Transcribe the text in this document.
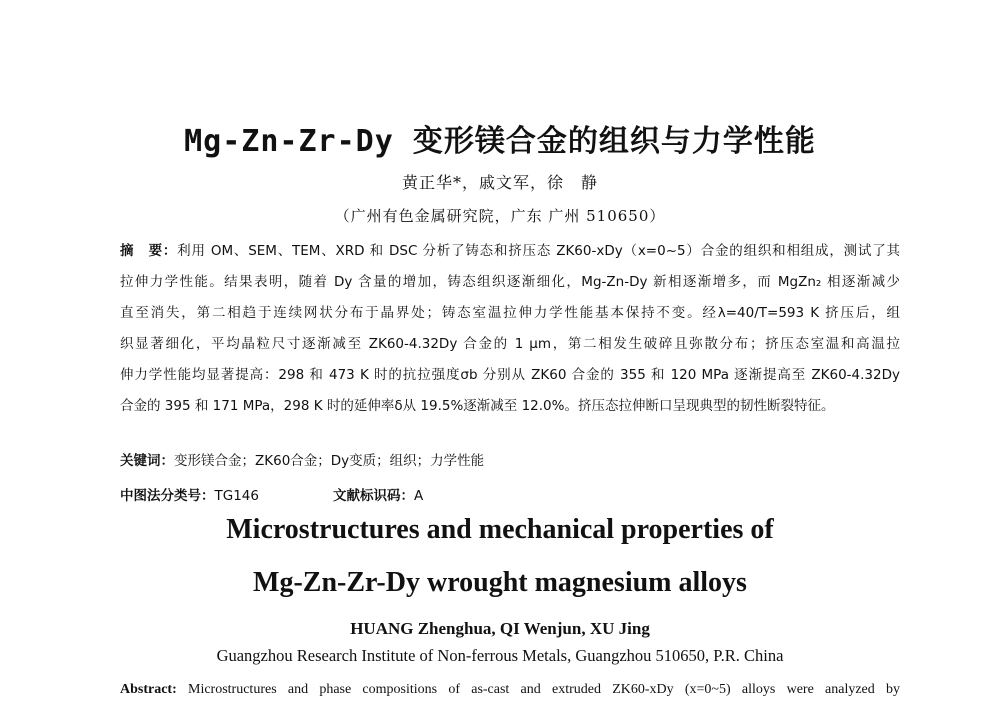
Mg-Zn-Zr-Dy 变形镁合金的组织与力学性能
黄正华*，戚文军，徐　静
（广州有色金属研究院，广东 广州 510650）
摘　要：利用 OM、SEM、TEM、XRD 和 DSC 分析了铸态和挤压态 ZK60-xDy（x=0~5）合金的组织和相组成，测试了其
拉伸力学性能。结果表明，随着 Dy 含量的增加，铸态组织逐渐细化，Mg-Zn-Dy 新相逐渐增多，而 MgZn₂ 相逐渐减少
直至消失，第二相趋于连续网状分布于晶界处；铸态室温拉伸力学性能基本保持不变。经λ=40/T=593 K 挤压后，组
织显著细化，平均晶粒尺寸逐渐减至 ZK60-4.32Dy 合金的 1 μm，第二相发生破碎且弥散分布；挤压态室温和高温拉
伸力学性能均显著提高：298 和 473 K 时的抗拉强度σb 分别从 ZK60 合金的 355 和 120 MPa 逐渐提高至 ZK60-4.32Dy
合金的 395 和 171 MPa，298 K 时的延伸率δ从 19.5%逐渐减至 12.0%。挤压态拉伸断口呈现典型的韧性断裂特征。
关键词：变形镁合金；ZK60合金；Dy变质；组织；力学性能
中图法分类号：TG146	文献标识码：A
Microstructures and mechanical properties of
Mg-Zn-Zr-Dy wrought magnesium alloys
HUANG Zhenghua, QI Wenjun, XU Jing
Guangzhou Research Institute of Non-ferrous Metals, Guangzhou 510650, P.R. China
Abstract: Microstructures and phase compositions of as-cast and extruded ZK60-xDy (x=0~5) alloys were analyzed by
